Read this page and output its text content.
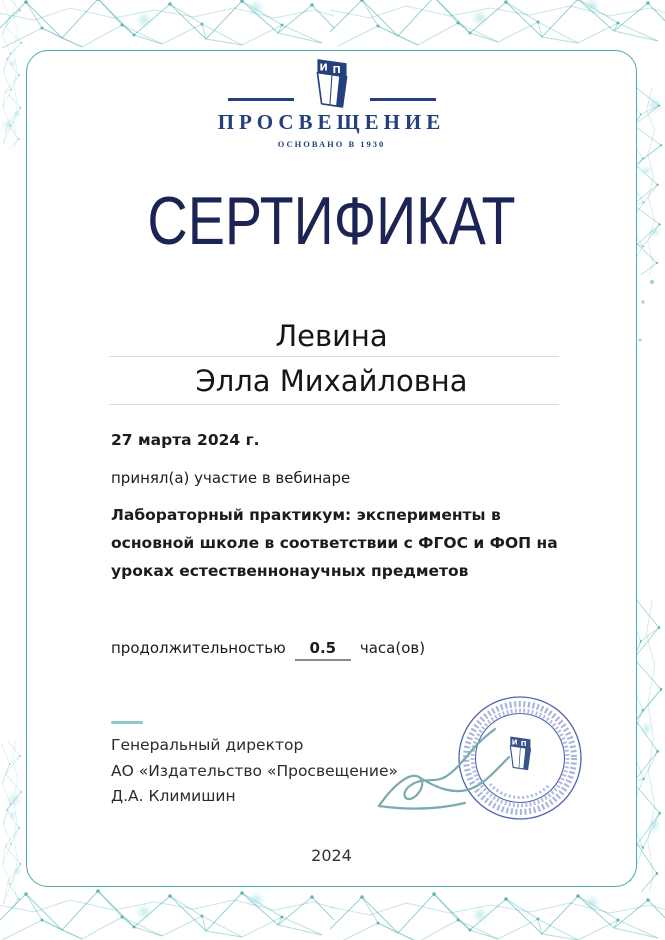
ПРОСВЕЩЕНИЕ
ОСНОВАНО В 1930
СЕРТИФИКАТ
Левина
Элла Михайловна
27 марта 2024 г.
принял(а) участие в вебинаре
Лабораторный практикум: эксперименты в основной школе в соответствии с ФГОС и ФОП на уроках естественнонаучных предметов
продолжительностью 0.5 часа(ов)
Генеральный директор
АО «Издательство «Просвещение»
Д.А. Климишин
2024
